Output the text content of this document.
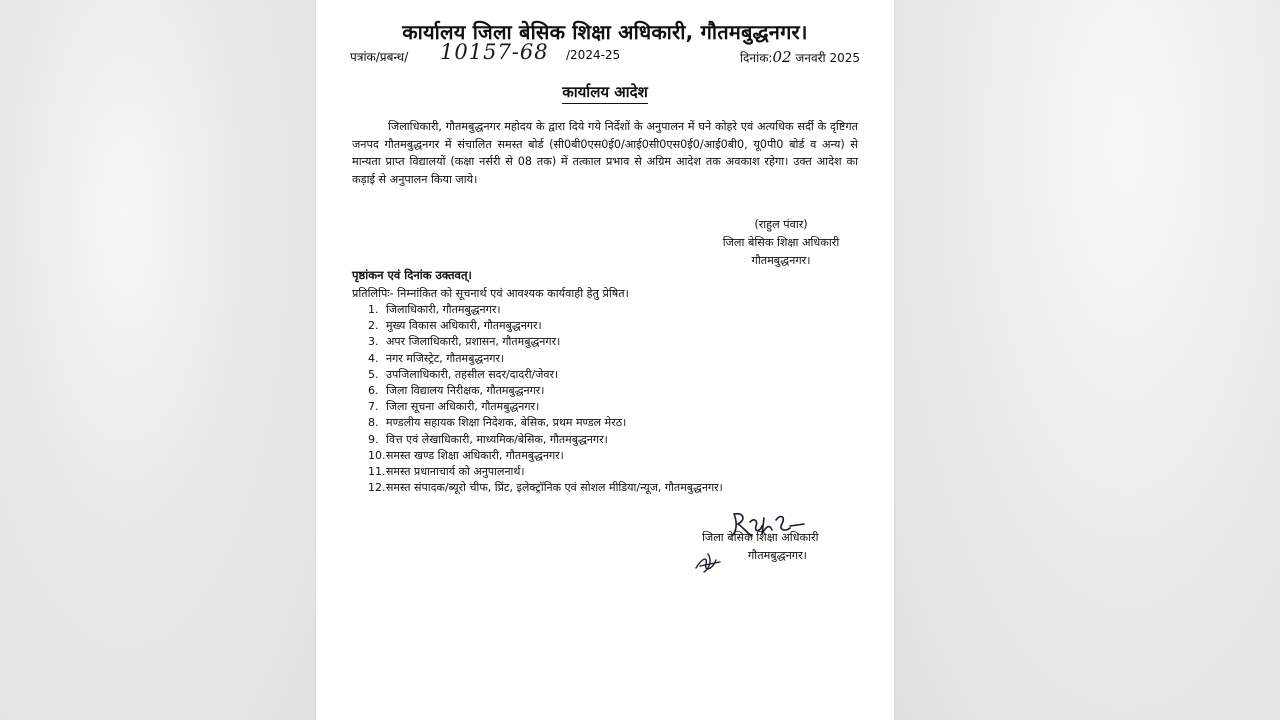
कार्यालय जिला बेसिक शिक्षा अधिकारी, गौतमबुद्धनगर।
पत्रांक/प्रबन्ध/ 10157-68 /2024-25	दिनांक:02 जनवरी 2025
कार्यालय आदेश
जिलाधिकारी, गौतमबुद्धनगर महोदय के द्वारा दिये गये निर्देशों के अनुपालन में घने कोहरे एवं अत्यधिक सर्दी के दृष्टिगत जनपद गौतमबुद्धनगर में संचालित समस्त बोर्ड (सी0बी0एस0ई0/आई0सी0एस0ई0/आई0बी0, यू0पी0 बोर्ड व अन्य) से मान्यता प्राप्त विद्यालयों (कक्षा नर्सरी से 08 तक) में तत्काल प्रभाव से अग्रिम आदेश तक अवकाश रहेगा। उक्त आदेश का कड़ाई से अनुपालन किया जाये।
(राहुल पंवार)
जिला बेसिक शिक्षा अधिकारी
गौतमबुद्धनगर।
पृष्ठांकन एवं दिनांक उक्तवत्।
प्रतिलिपिः- निम्नांकित को सूचनार्थ एवं आवश्यक कार्यवाही हेतु प्रेषित।
1. जिलाधिकारी, गौतमबुद्धनगर।
2. मुख्य विकास अधिकारी, गौतमबुद्धनगर।
3. अपर जिलाधिकारी, प्रशासन, गौतमबुद्धनगर।
4. नगर मजिस्ट्रेट, गौतमबुद्धनगर।
5. उपजिलाधिकारी, तहसील सदर/दादरी/जेवर।
6. जिला विद्यालय निरीक्षक, गौतमबुद्धनगर।
7. जिला सूचना अधिकारी, गौतमबुद्धनगर।
8. मण्डलीय सहायक शिक्षा निदेशक, बेसिक, प्रथम मण्डल मेरठ।
9. वित्त एवं लेखाधिकारी, माध्यमिक/बेसिक, गौतमबुद्धनगर।
10. समस्त खण्ड शिक्षा अधिकारी, गौतमबुद्धनगर।
11. समस्त प्रधानाचार्य को अनुपालनार्थ।
12. समस्त संपादक/ब्यूरो चीफ, प्रिंट, इलेक्ट्रॉनिक एवं सोशल मीडिया/न्यूज, गौतमबुद्धनगर।
जिला बेसिक शिक्षा अधिकारी
गौतमबुद्धनगर।
